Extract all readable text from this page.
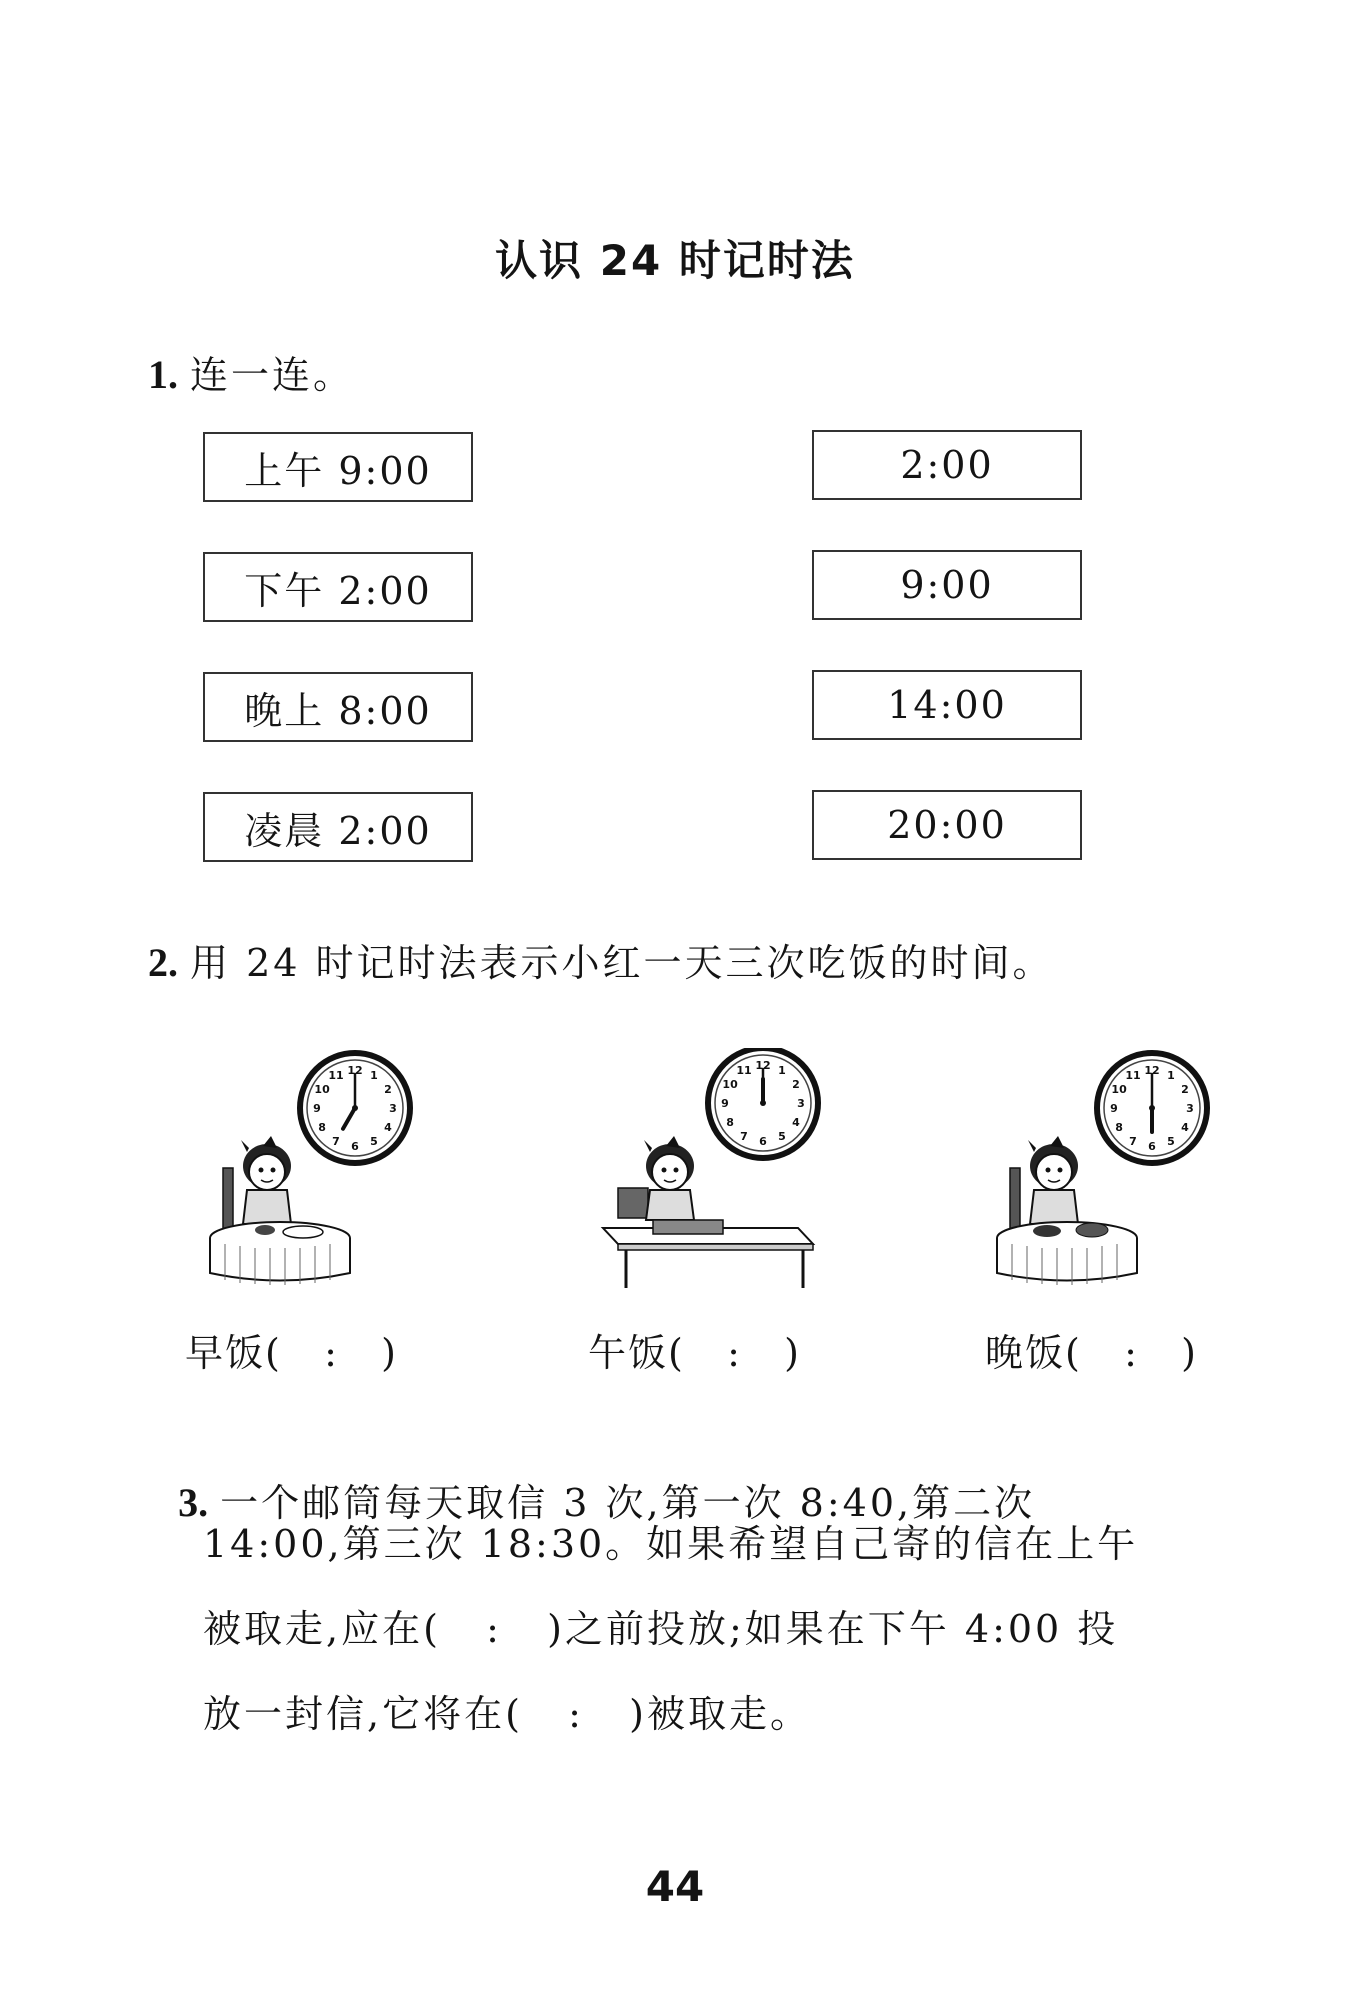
认识 24 时记时法
1. 连一连。
上午 9:00
下午 2:00
晚上 8:00
凌晨 2:00
2:00
9:00
14:00
20:00
2. 用 24 时记时法表示小红一天三次吃饭的时间。
12 1
2
3
4
5
6
7
8
9
10
11
12 1
2
3
4
5
6
7
8
9
10
11	12 1
2
3
4
5
6
7
8
9
10
11
早饭(   :   )	午饭(   :   )	晚饭(   :   )

3. 一个邮筒每天取信 3 次,第一次 8:40,第二次

14:00,第三次 18:30。如果希望自己寄的信在上午
被取走,应在(   :   )之前投放;如果在下午 4:00 投
放一封信,它将在(   :   )被取走。
44
